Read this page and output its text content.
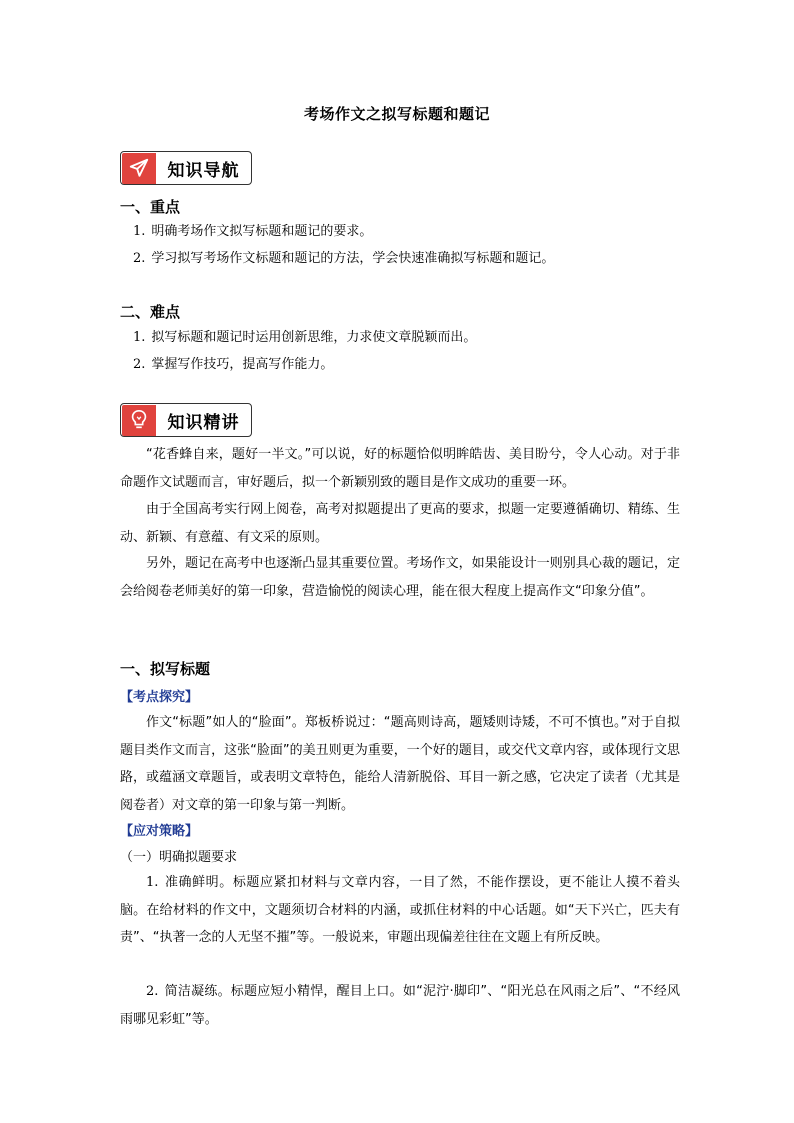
考场作文之拟写标题和题记
知识导航
一、重点
1. 明确考场作文拟写标题和题记的要求。
2. 学习拟写考场作文标题和题记的方法，学会快速准确拟写标题和题记。
二、难点
1. 拟写标题和题记时运用创新思维，力求使文章脱颖而出。
2. 掌握写作技巧，提高写作能力。
知识精讲

“花香蜂自来，题好一半文。”可以说，好的标题恰似明眸皓齿、美目盼兮，令人心动。对于非命题作文试题而言，审好题后，拟一个新颖别致的题目是作文成功的重要一环。

由于全国高考实行网上阅卷，高考对拟题提出了更高的要求，拟题一定要遵循确切、精练、生动、新颖、有意蕴、有文采的原则。

另外，题记在高考中也逐渐凸显其重要位置。考场作文，如果能设计一则别具心裁的题记，定会给阅卷老师美好的第一印象，营造愉悦的阅读心理，能在很大程度上提高作文“印象分值”。

一、拟写标题
【考点探究】

作文“标题”如人的“脸面”。郑板桥说过：“题高则诗高，题矮则诗矮，不可不慎也。”对于自拟题目类作文而言，这张“脸面”的美丑则更为重要，一个好的题目，或交代文章内容，或体现行文思路，或蕴涵文章题旨，或表明文章特色，能给人清新脱俗、耳目一新之感，它决定了读者（尤其是阅卷者）对文章的第一印象与第一判断。

【应对策略】
（一）明确拟题要求

1. 准确鲜明。标题应紧扣材料与文章内容，一目了然，不能作摆设，更不能让人摸不着头脑。在给材料的作文中，文题须切合材料的内涵，或抓住材料的中心话题。如“天下兴亡，匹夫有责”、“执著一念的人无坚不摧”等。一般说来，审题出现偏差往往在文题上有所反映。

2. 简洁凝练。标题应短小精悍，醒目上口。如“泥泞·脚印”、“阳光总在风雨之后”、“不经风雨哪见彩虹”等。
